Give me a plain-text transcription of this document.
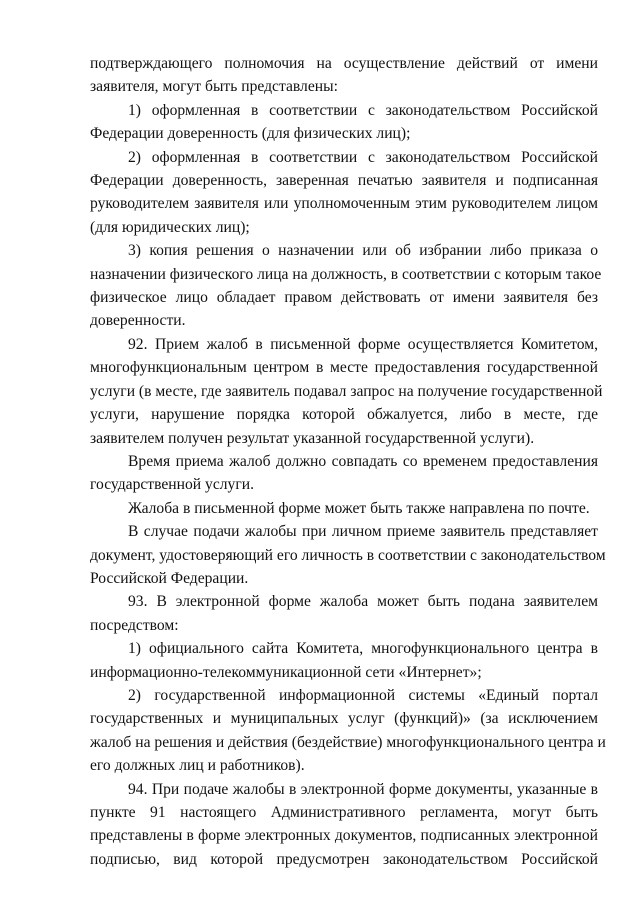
подтверждающего полномочия на осуществление действий от имени
заявителя, могут быть представлены:
1) оформленная в соответствии с законодательством Российской
Федерации доверенность (для физических лиц);
2) оформленная в соответствии с законодательством Российской
Федерации доверенность, заверенная печатью заявителя и подписанная
руководителем заявителя или уполномоченным этим руководителем лицом
(для юридических лиц);
3) копия решения о назначении или об избрании либо приказа о
назначении физического лица на должность, в соответствии с которым такое
физическое лицо обладает правом действовать от имени заявителя без
доверенности.
92. Прием жалоб в письменной форме осуществляется Комитетом,
многофункциональным центром в месте предоставления государственной
услуги (в месте, где заявитель подавал запрос на получение государственной
услуги, нарушение порядка которой обжалуется, либо в месте, где
заявителем получен результат указанной государственной услуги).
Время приема жалоб должно совпадать со временем предоставления
государственной услуги.
Жалоба в письменной форме может быть также направлена по почте.
В случае подачи жалобы при личном приеме заявитель представляет
документ, удостоверяющий его личность в соответствии с законодательством
Российской Федерации.
93. В электронной форме жалоба может быть подана заявителем
посредством:
1) официального сайта Комитета, многофункционального центра в
информационно-телекоммуникационной сети «Интернет»;
2) государственной информационной системы «Единый портал
государственных и муниципальных услуг (функций)» (за исключением
жалоб на решения и действия (бездействие) многофункционального центра и
его должных лиц и работников).
94. При подаче жалобы в электронной форме документы, указанные в
пункте 91 настоящего Административного регламента, могут быть
представлены в форме электронных документов, подписанных электронной
подписью, вид которой предусмотрен законодательством Российской
